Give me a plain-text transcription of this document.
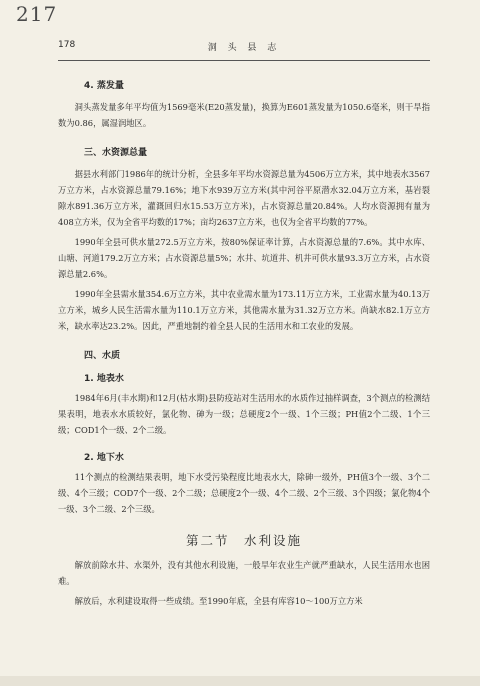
217
178	洞 头 县 志
4. 蒸发量

洞头蒸发量多年平均值为1569毫米(E20蒸发量)，换算为E601蒸发量为1050.6毫米，则干旱指数为0.86，属湿润地区。

三、水资源总量

据县水利部门1986年的统计分析，全县多年平均水资源总量为4506万立方米，其中地表水3567万立方米，占水资源总量79.16%；地下水939万立方米(其中河谷平原潜水32.04万立方米，基岩裂隙水891.36万立方米，灌溉回归水15.53万立方米)，占水资源总量20.84%。人均水资源拥有量为408立方米，仅为全省平均数的17%；亩均2637立方米，也仅为全省平均数的77%。

1990年全县可供水量272.5万立方米，按80%保证率计算，占水资源总量的7.6%。其中水库、山塘、河道179.2万立方米；占水资源总量5%；水井、坑道井、机井可供水量93.3万立方米，占水资源总量2.6%。

1990年全县需水量354.6万立方米，其中农业需水量为173.11万立方米，工业需水量为40.13万立方米，城乡人民生活需水量为110.1万立方米，其他需水量为31.32万立方米。尚缺水82.1万立方米，缺水率达23.2%。因此，严重地制约着全县人民的生活用水和工农业的发展。

四、水质
1. 地表水

1984年6月(丰水期)和12月(枯水期)县防疫站对生活用水的水质作过抽样调查，3个测点的检测结果表明，地表水水质较好，氯化物、砷为一级；总硬度2个一级、1个三级；PH值2个二级、1个三级；COD1个一级、2个二级。

2. 地下水

11个测点的检测结果表明，地下水受污染程度比地表水大，除砷一级外，PH值3个一级、3个二级、4个三级；COD7个一级、2个二级；总硬度2个一级、4个二级、2个三级、3个四级；氯化物4个一级、3个二级、2个三级。

第二节　水利设施

解放前除水井、水渠外，没有其他水利设施，一般旱年农业生产就严重缺水，人民生活用水也困难。

解放后，水利建设取得一些成绩。至1990年底，全县有库容10～100万立方米
